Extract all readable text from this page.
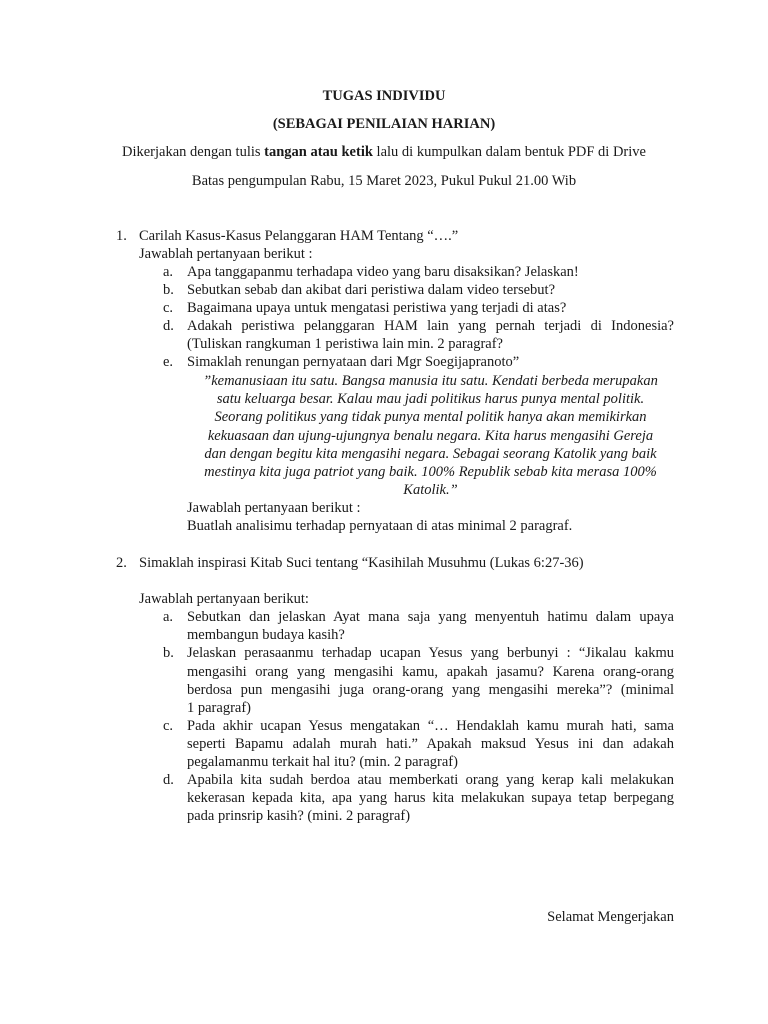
TUGAS INDIVIDU
(SEBAGAI PENILAIAN HARIAN)
Dikerjakan dengan tulis tangan atau ketik lalu di kumpulkan dalam bentuk PDF di Drive
Batas pengumpulan Rabu, 15 Maret 2023, Pukul Pukul 21.00 Wib
1. Carilah Kasus-Kasus Pelanggaran HAM Tentang “….”
Jawablah pertanyaan berikut :
a. Apa tanggapanmu terhadapa video yang baru disaksikan? Jelaskan!
b. Sebutkan sebab dan akibat dari peristiwa dalam video tersebut?
c. Bagaimana upaya untuk mengatasi peristiwa yang terjadi di atas?
d. Adakah peristiwa pelanggaran HAM lain yang pernah terjadi di Indonesia?
(Tuliskan rangkuman 1 peristiwa lain min. 2 paragraf?
e. Simaklah renungan pernyataan dari Mgr Soegijapranoto”
”kemanusiaan itu satu. Bangsa manusia itu satu. Kendati berbeda merupakan
satu keluarga besar. Kalau mau jadi politikus harus punya mental politik.
Seorang politikus yang tidak punya mental politik hanya akan memikirkan
kekuasaan dan ujung-ujungnya benalu negara. Kita harus mengasihi Gereja
dan dengan begitu kita mengasihi negara. Sebagai seorang Katolik yang baik
mestinya kita juga patriot yang baik. 100% Republik sebab kita merasa 100%
Katolik.”
Jawablah pertanyaan berikut :
Buatlah analisimu terhadap pernyataan di atas minimal 2 paragraf.
2. Simaklah inspirasi Kitab Suci tentang “Kasihilah Musuhmu (Lukas 6:27-36)
Jawablah pertanyaan berikut:
a. Sebutkan dan jelaskan Ayat mana saja yang menyentuh hatimu dalam upaya
membangun budaya kasih?
b. Jelaskan perasaanmu terhadap ucapan Yesus yang berbunyi : “Jikalau kakmu
mengasihi orang yang mengasihi kamu, apakah jasamu? Karena orang-orang
berdosa pun mengasihi juga orang-orang yang mengasihi mereka”? (minimal
1 paragraf)
c. Pada akhir ucapan Yesus mengatakan “… Hendaklah kamu murah hati, sama
seperti Bapamu adalah murah hati.” Apakah maksud Yesus ini dan adakah
pegalamanmu terkait hal itu? (min. 2 paragraf)
d. Apabila kita sudah berdoa atau memberkati orang yang kerap kali melakukan
kekerasan kepada kita, apa yang harus kita melakukan supaya tetap berpegang
pada prinsrip kasih? (mini. 2 paragraf)
Selamat Mengerjakan
